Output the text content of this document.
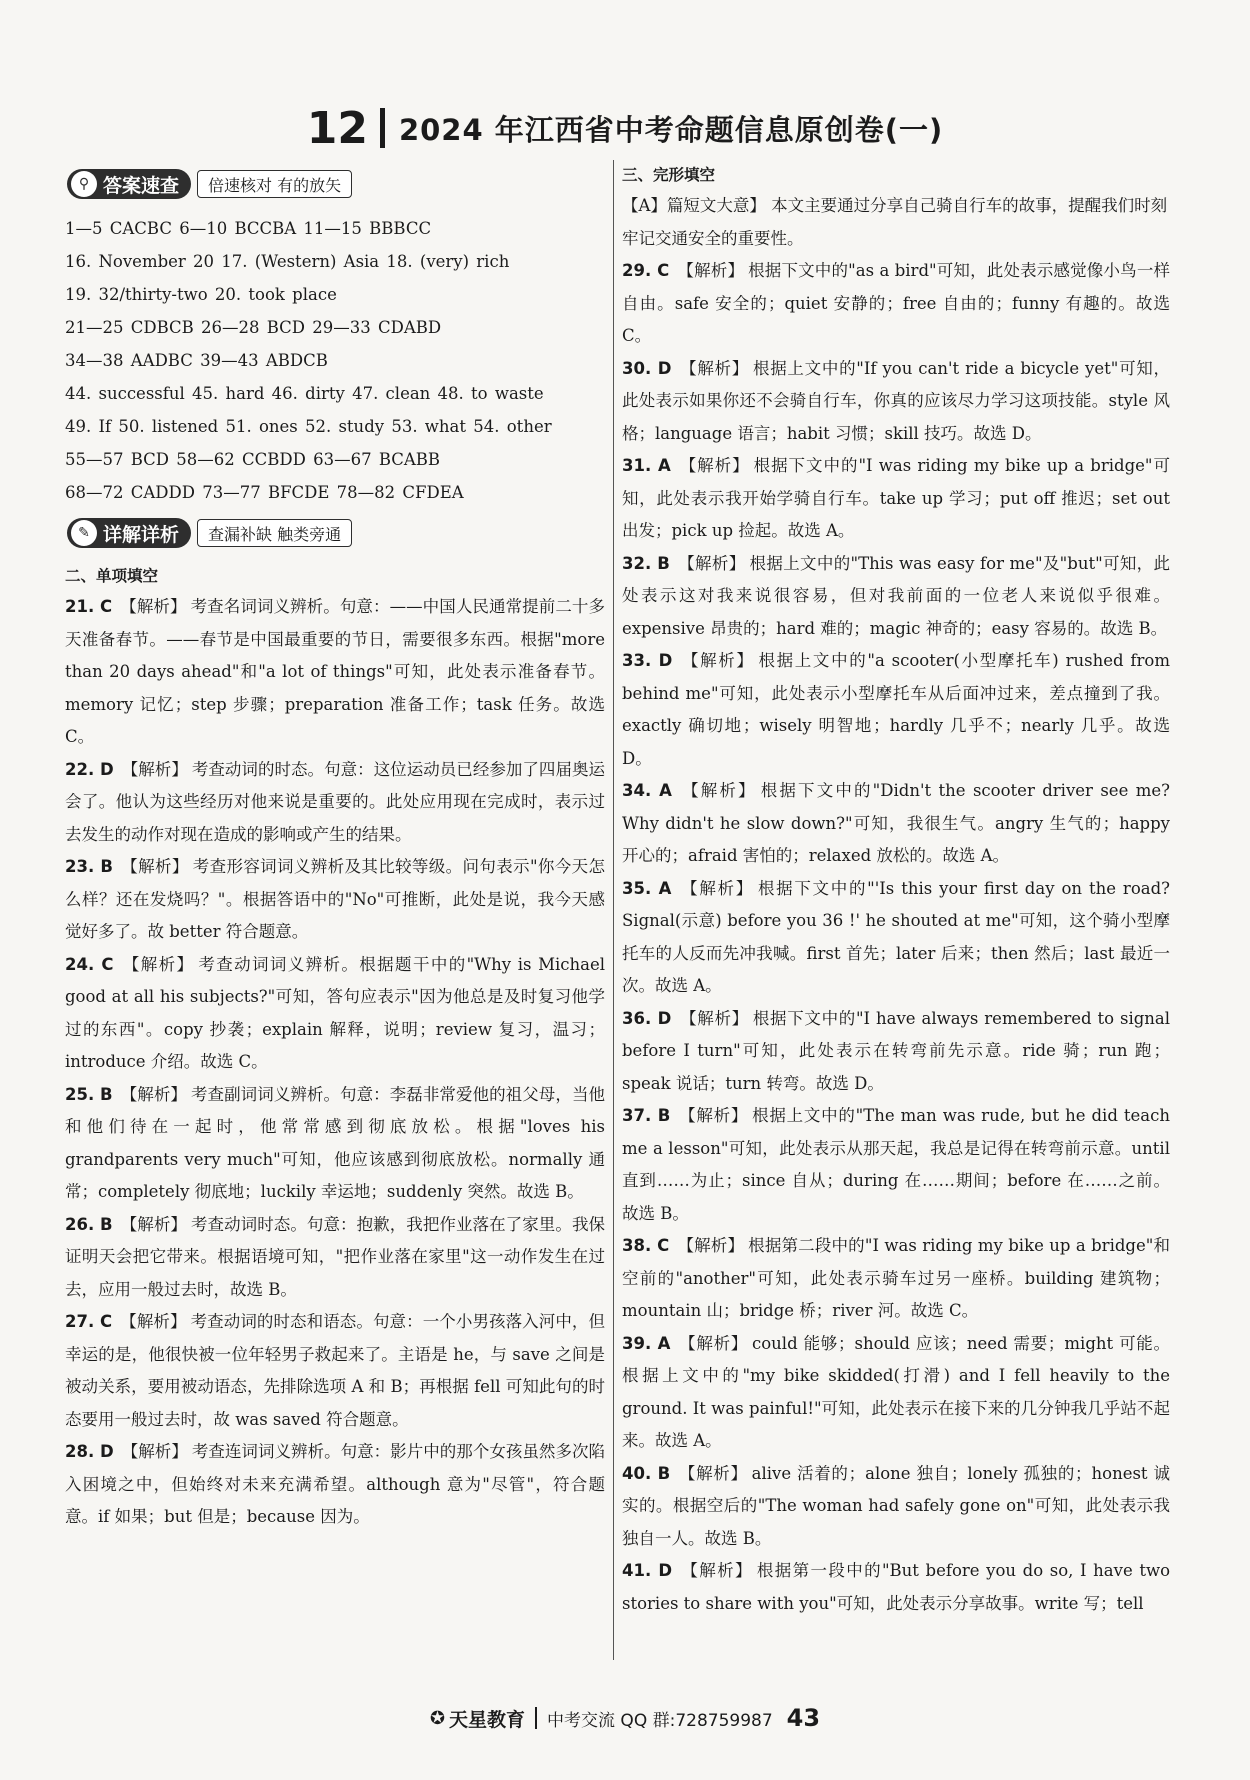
12 2024 年江西省中考命题信息原创卷(一)
⚲ 答案速查	倍速核对 有的放矢
1—5 CACBC 6—10 BCCBA 11—15 BBBCC
16. November 20 17. (Western) Asia 18. (very) rich
19. 32/thirty-two 20. took place
21—25 CDBCB 26—28 BCD 29—33 CDABD
34—38 AADBC 39—43 ABDCB
44. successful 45. hard 46. dirty 47. clean 48. to waste
49. If 50. listened 51. ones 52. study 53. what 54. other
55—57 BCD 58—62 CCBDD 63—67 BCABB
68—72 CADDD 73—77 BFCDE 78—82 CFDEA
✎ 详解详析	查漏补缺 触类旁通
二、单项填空
21. C 【解析】 考查名词词义辨析。句意：——中国人民通常提前二十多天准备春节。——春节是中国最重要的节日，需要很多东西。根据"more than 20 days ahead"和"a lot of things"可知，此处表示准备春节。memory 记忆；step 步骤；preparation 准备工作；task 任务。故选 C。
22. D 【解析】 考查动词的时态。句意：这位运动员已经参加了四届奥运会了。他认为这些经历对他来说是重要的。此处应用现在完成时，表示过去发生的动作对现在造成的影响或产生的结果。
23. B 【解析】 考查形容词词义辨析及其比较等级。问句表示"你今天怎么样？还在发烧吗？"。根据答语中的"No"可推断，此处是说，我今天感觉好多了。故 better 符合题意。
24. C 【解析】 考查动词词义辨析。根据题干中的"Why is Michael good at all his subjects?"可知，答句应表示"因为他总是及时复习他学过的东西"。copy 抄袭；explain 解释，说明；review 复习，温习；introduce 介绍。故选 C。
25. B 【解析】 考查副词词义辨析。句意：李磊非常爱他的祖父母，当他和他们待在一起时，他常常感到彻底放松。根据"loves his grandparents very much"可知，他应该感到彻底放松。normally 通常；completely 彻底地；luckily 幸运地；suddenly 突然。故选 B。
26. B 【解析】 考查动词时态。句意：抱歉，我把作业落在了家里。我保证明天会把它带来。根据语境可知，"把作业落在家里"这一动作发生在过去，应用一般过去时，故选 B。
27. C 【解析】 考查动词的时态和语态。句意：一个小男孩落入河中，但幸运的是，他很快被一位年轻男子救起来了。主语是 he，与 save 之间是被动关系，要用被动语态，先排除选项 A 和 B；再根据 fell 可知此句的时态要用一般过去时，故 was saved 符合题意。
28. D 【解析】 考查连词词义辨析。句意：影片中的那个女孩虽然多次陷入困境之中，但始终对未来充满希望。although 意为"尽管"，符合题意。if 如果；but 但是；because 因为。
三、完形填空
【A】篇短文大意】 本文主要通过分享自己骑自行车的故事，提醒我们时刻牢记交通安全的重要性。
29. C 【解析】 根据下文中的"as a bird"可知，此处表示感觉像小鸟一样自由。safe 安全的；quiet 安静的；free 自由的；funny 有趣的。故选 C。
30. D 【解析】 根据上文中的"If you can't ride a bicycle yet"可知，此处表示如果你还不会骑自行车，你真的应该尽力学习这项技能。style 风格；language 语言；habit 习惯；skill 技巧。故选 D。
31. A 【解析】 根据下文中的"I was riding my bike up a bridge"可知，此处表示我开始学骑自行车。take up 学习；put off 推迟；set out 出发；pick up 捡起。故选 A。
32. B 【解析】 根据上文中的"This was easy for me"及"but"可知，此处表示这对我来说很容易，但对我前面的一位老人来说似乎很难。expensive 昂贵的；hard 难的；magic 神奇的；easy 容易的。故选 B。
33. D 【解析】 根据上文中的"a scooter(小型摩托车) rushed from behind me"可知，此处表示小型摩托车从后面冲过来，差点撞到了我。exactly 确切地；wisely 明智地；hardly 几乎不；nearly 几乎。故选 D。
34. A 【解析】 根据下文中的"Didn't the scooter driver see me? Why didn't he slow down?"可知，我很生气。angry 生气的；happy 开心的；afraid 害怕的；relaxed 放松的。故选 A。
35. A 【解析】 根据下文中的"'Is this your first day on the road? Signal(示意) before you 36 !' he shouted at me"可知，这个骑小型摩托车的人反而先冲我喊。first 首先；later 后来；then 然后；last 最近一次。故选 A。
36. D 【解析】 根据下文中的"I have always remembered to signal before I turn"可知，此处表示在转弯前先示意。ride 骑；run 跑；speak 说话；turn 转弯。故选 D。
37. B 【解析】 根据上文中的"The man was rude, but he did teach me a lesson"可知，此处表示从那天起，我总是记得在转弯前示意。until 直到……为止；since 自从；during 在……期间；before 在……之前。故选 B。
38. C 【解析】 根据第二段中的"I was riding my bike up a bridge"和空前的"another"可知，此处表示骑车过另一座桥。building 建筑物；mountain 山；bridge 桥；river 河。故选 C。
39. A 【解析】 could 能够；should 应该；need 需要；might 可能。根据上文中的"my bike skidded(打滑) and I fell heavily to the ground. It was painful!"可知，此处表示在接下来的几分钟我几乎站不起来。故选 A。
40. B 【解析】 alive 活着的；alone 独自；lonely 孤独的；honest 诚实的。根据空后的"The woman had safely gone on"可知，此处表示我独自一人。故选 B。
41. D 【解析】 根据第一段中的"But before you do so, I have two stories to share with you"可知，此处表示分享故事。write 写；tell
✪ 天星教育 中考交流 QQ 群:728759987 43
